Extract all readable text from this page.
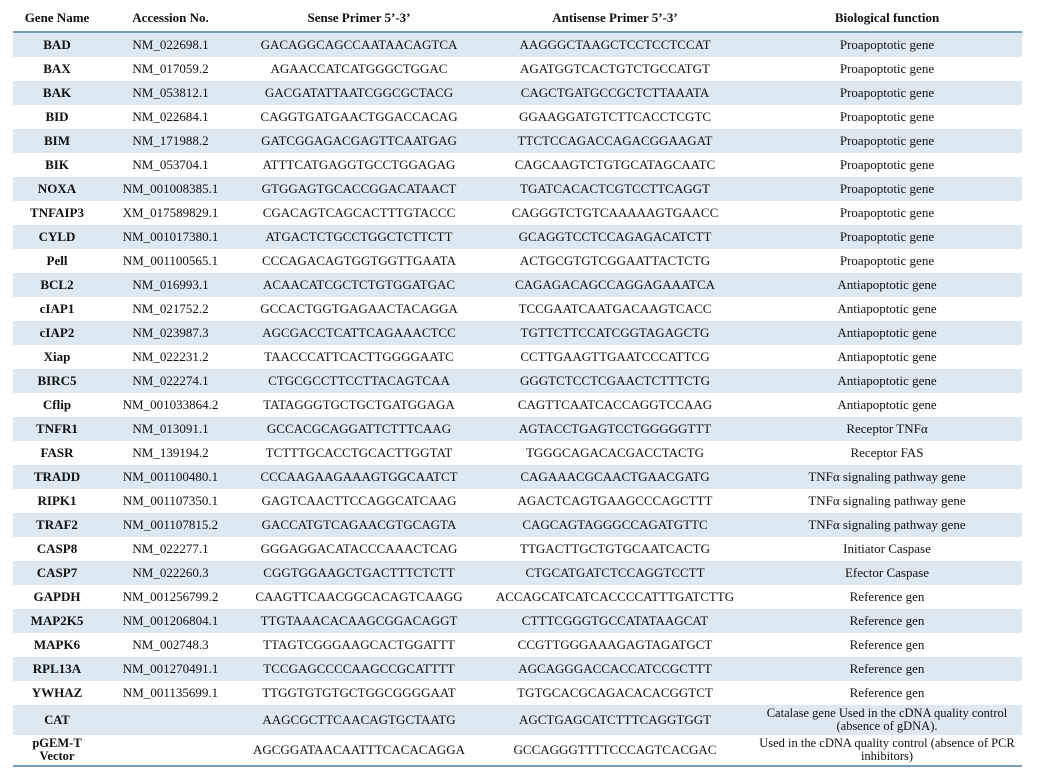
Gene Name	Accession No.	Sense Primer 5’-3’	Antisense Primer 5’-3’	Biological function
BAD	NM_022698.1	GACAGGCAGCCAATAACAGTCA	AAGGGCTAAGCTCCTCCTCCAT	Proapoptotic gene
BAX	NM_017059.2	AGAACCATCATGGGCTGGAC	AGATGGTCACTGTCTGCCATGT	Proapoptotic gene
BAK	NM_053812.1	GACGATATTAATCGGCGCTACG	CAGCTGATGCCGCTCTTAAATA	Proapoptotic gene
BID	NM_022684.1	CAGGTGATGAACTGGACCACAG	GGAAGGATGTCTTCACCTCGTC	Proapoptotic gene
BIM	NM_171988.2	GATCGGAGACGAGTTCAATGAG	TTCTCCAGACCAGACGGAAGAT	Proapoptotic gene
BIK	NM_053704.1	ATTTCATGAGGTGCCTGGAGAG	CAGCAAGTCTGTGCATAGCAATC	Proapoptotic gene
NOXA	NM_001008385.1	GTGGAGTGCACCGGACATAACT	TGATCACACTCGTCCTTCAGGT	Proapoptotic gene
TNFAIP3	XM_017589829.1	CGACAGTCAGCACTTTGTACCC	CAGGGTCTGTCAAAAAGTGAACC	Proapoptotic gene
CYLD	NM_001017380.1	ATGACTCTGCCTGGCTCTTCTT	GCAGGTCCTCCAGAGACATCTT	Proapoptotic gene
Pell	NM_001100565.1	CCCAGACAGTGGTGGTTGAATA	ACTGCGTGTCGGAATTACTCTG	Proapoptotic gene
BCL2	NM_016993.1	ACAACATCGCTCTGTGGATGAC	CAGAGACAGCCAGGAGAAATCA	Antiapoptotic gene
cIAP1	NM_021752.2	GCCACTGGTGAGAACTACAGGA	TCCGAATCAATGACAAGTCACC	Antiapoptotic gene
cIAP2	NM_023987.3	AGCGACCTCATTCAGAAACTCC	TGTTCTTCCATCGGTAGAGCTG	Antiapoptotic gene
Xiap	NM_022231.2	TAACCCATTCACTTGGGGAATC	CCTTGAAGTTGAATCCCATTCG	Antiapoptotic gene
BIRC5	NM_022274.1	CTGCGCCTTCCTTACAGTCAA	GGGTCTCCTCGAACTCTTTCTG	Antiapoptotic gene
Cflip	NM_001033864.2	TATAGGGTGCTGCTGATGGAGA	CAGTTCAATCACCAGGTCCAAG	Antiapoptotic gene
TNFR1	NM_013091.1	GCCACGCAGGATTCTTTCAAG	AGTACCTGAGTCCTGGGGGTTT	Receptor TNFα
FASR	NM_139194.2	TCTTTGCACCTGCACTTGGTAT	TGGGCAGACACGACCTACTG	Receptor FAS
TRADD	NM_001100480.1	CCCAAGAAGAAAGTGGCAATCT	CAGAAACGCAACTGAACGATG	TNFα signaling pathway gene
RIPK1	NM_001107350.1	GAGTCAACTTCCAGGCATCAAG	AGACTCAGTGAAGCCCAGCTTT	TNFα signaling pathway gene
TRAF2	NM_001107815.2	GACCATGTCAGAACGTGCAGTA	CAGCAGTAGGGCCAGATGTTC	TNFα signaling pathway gene
CASP8	NM_022277.1	GGGAGGACATACCCAAACTCAG	TTGACTTGCTGTGCAATCACTG	Initiator Caspase
CASP7	NM_022260.3	CGGTGGAAGCTGACTTTCTCTT	CTGCATGATCTCCAGGTCCTT	Efector Caspase
GAPDH	NM_001256799.2	CAAGTTCAACGGCACAGTCAAGG	ACCAGCATCATCACCCCATTTGATCTTG	Reference gen
MAP2K5	NM_001206804.1	TTGTAAACACAAGCGGACAGGT	CTTTCGGGTGCCATATAAGCAT	Reference gen
MAPK6	NM_002748.3	TTAGTCGGGAAGCACTGGATTT	CCGTTGGGAAAGAGTAGATGCT	Reference gen
RPL13A	NM_001270491.1	TCCGAGCCCCAAGCCGCATTTT	AGCAGGGACCACCATCCGCTTT	Reference gen
YWHAZ	NM_001135699.1	TTGGTGTGTGCTGGCGGGGAAT	TGTGCACGCAGACACACGGTCT	Reference gen
CAT		AAGCGCTTCAACAGTGCTAATG	AGCTGAGCATCTTTCAGGTGGT	Catalase gene Used in the cDNA quality control (absence of gDNA).
pGEM-T Vector		AGCGGATAACAATTTCACACAGGA	GCCAGGGTTTTCCCAGTCACGAC	Used in the cDNA quality control (absence of PCR inhibitors)
